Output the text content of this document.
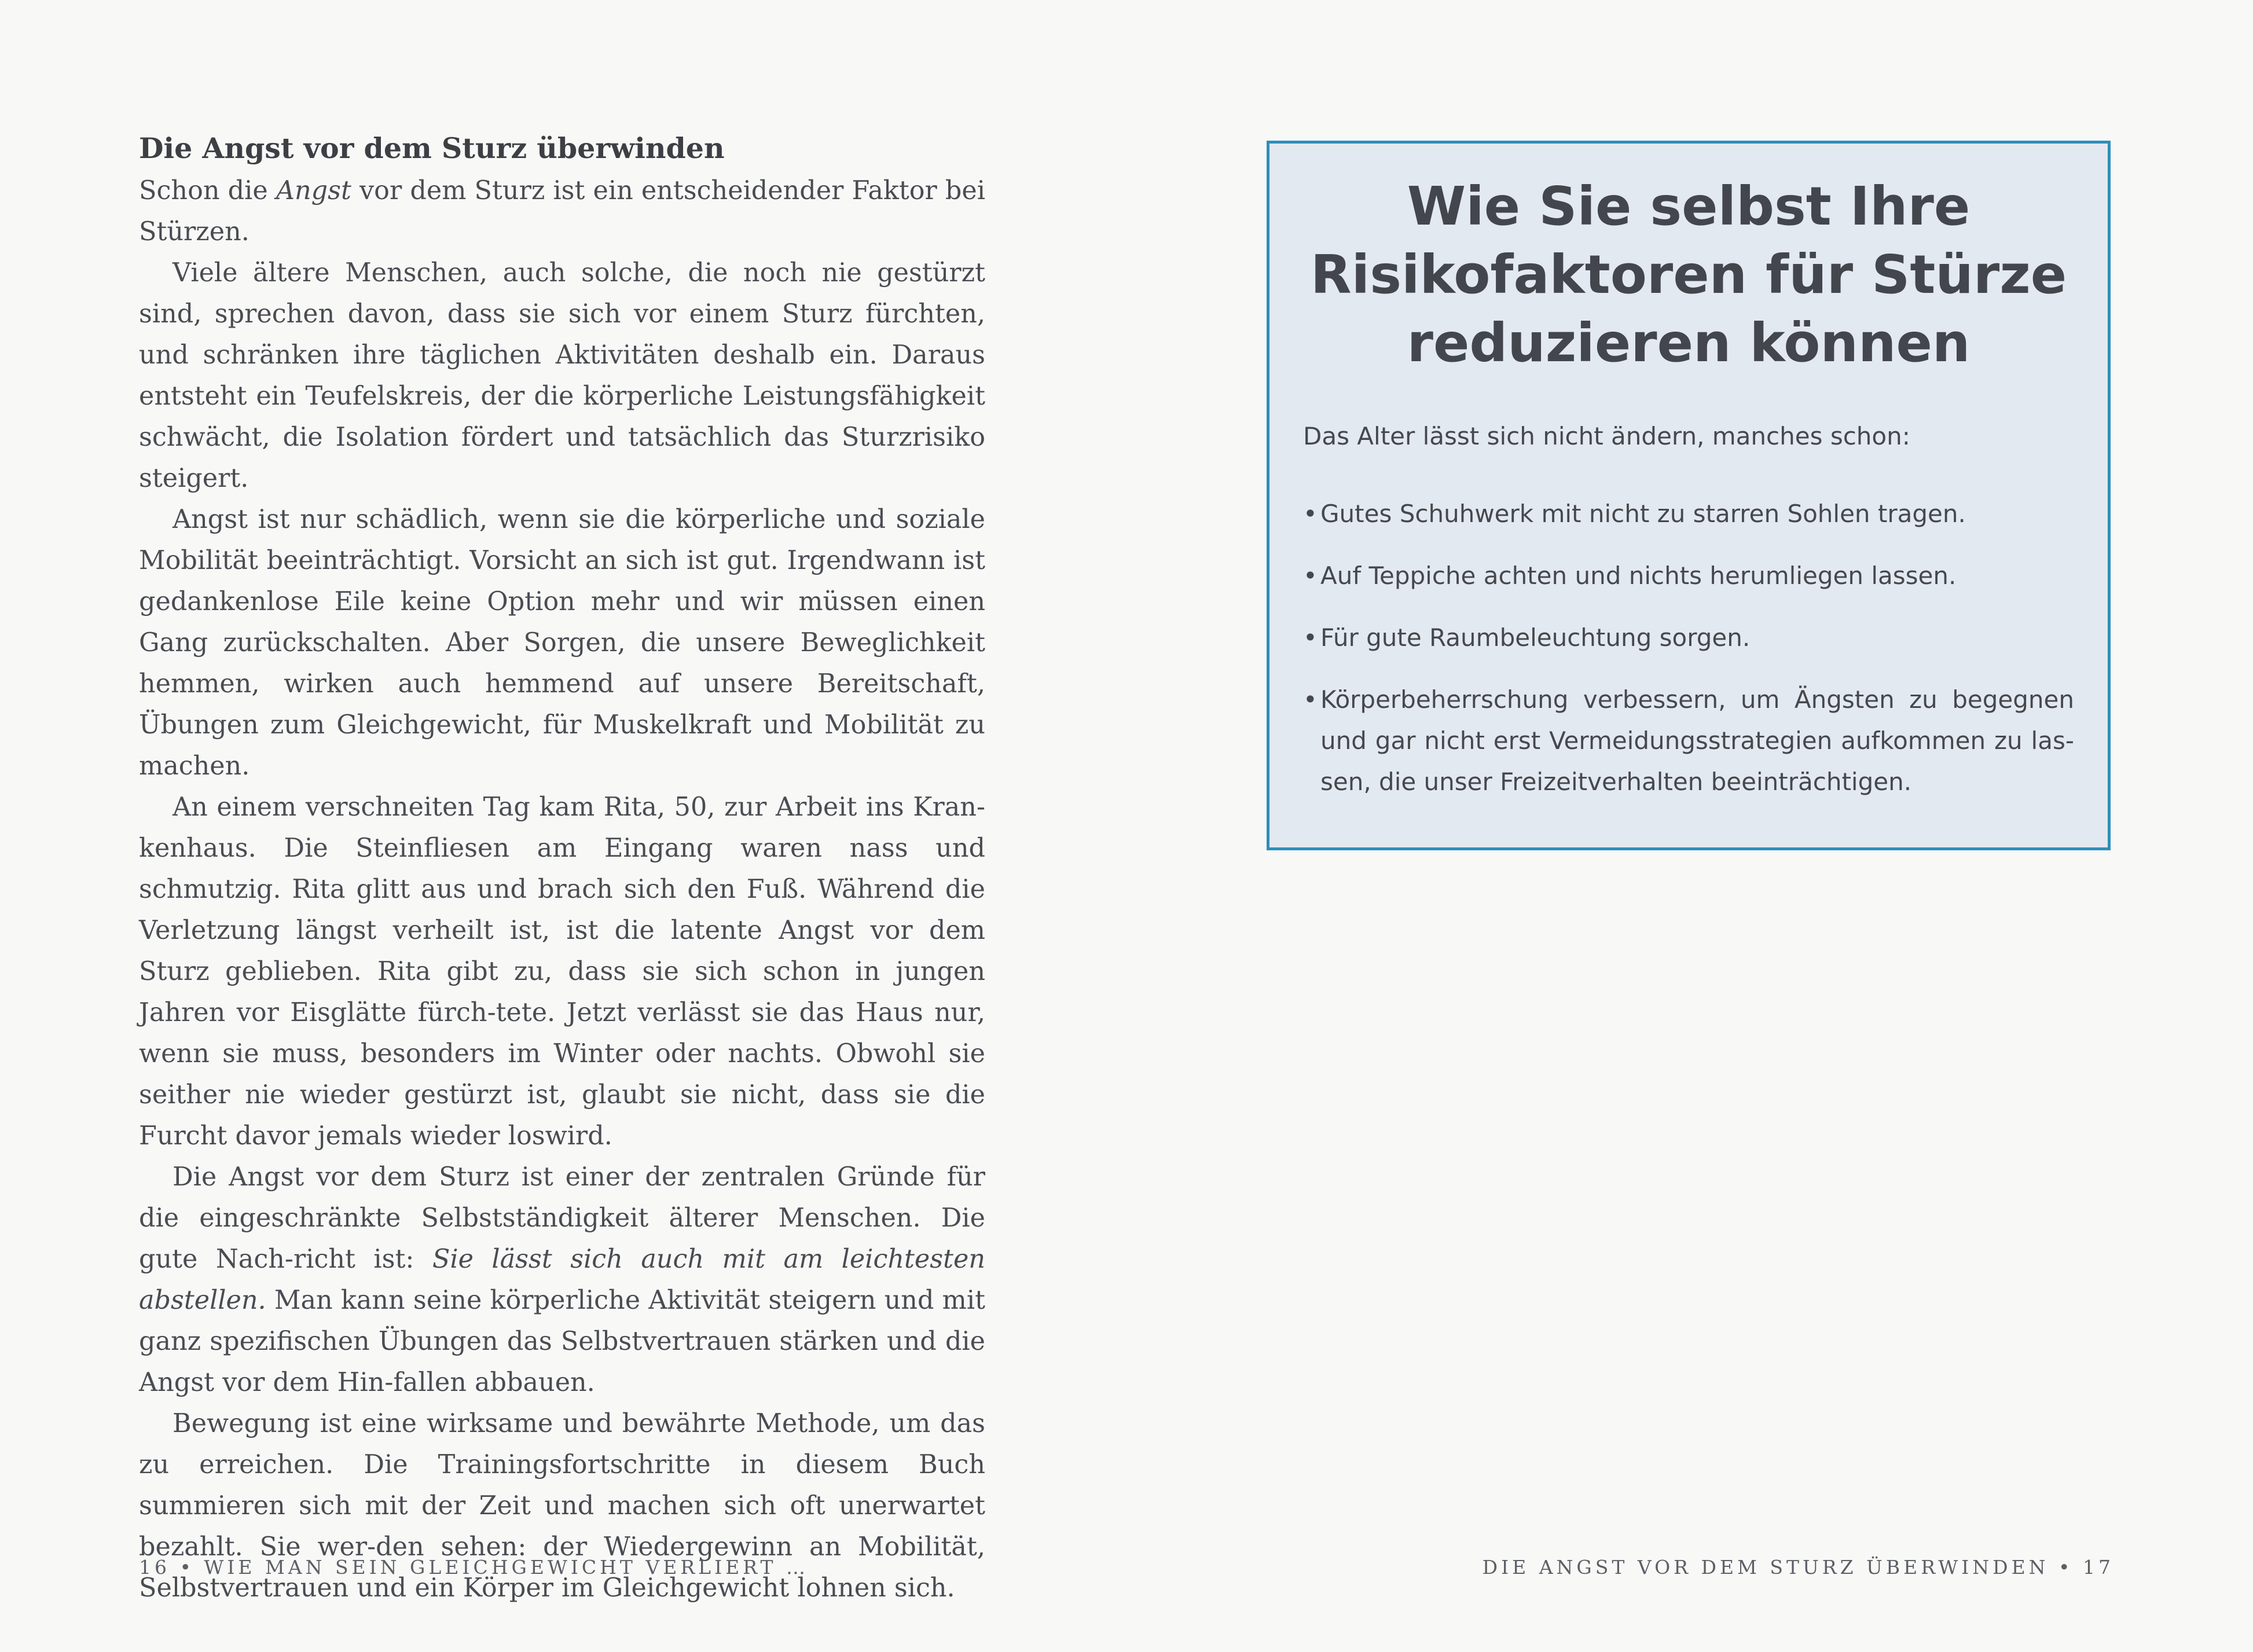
Die Angst vor dem Sturz überwinden

Schon die Angst vor dem Sturz ist ein entscheidender Faktor bei Stürzen.

Viele ältere Menschen, auch solche, die noch nie gestürzt sind, sprechen davon, dass sie sich vor einem Sturz fürchten, und schränken ihre täglichen Aktivitäten deshalb ein. Daraus entsteht ein Teufelskreis, der die körperliche Leistungsfähigkeit schwächt, die Isolation fördert und tatsächlich das Sturzrisiko steigert.

Angst ist nur schädlich, wenn sie die körperliche und soziale Mobilität beeinträchtigt. Vorsicht an sich ist gut. Irgendwann ist gedankenlose Eile keine Option mehr und wir müssen einen Gang zurückschalten. Aber Sorgen, die unsere Beweglichkeit hemmen, wirken auch hemmend auf unsere Bereitschaft, Übungen zum Gleichgewicht, für Muskelkraft und Mobilität zu machen.

An einem verschneiten Tag kam Rita, 50, zur Arbeit ins Kran-kenhaus. Die Steinfliesen am Eingang waren nass und schmutzig. Rita glitt aus und brach sich den Fuß. Während die Verletzung längst verheilt ist, ist die latente Angst vor dem Sturz geblieben. Rita gibt zu, dass sie sich schon in jungen Jahren vor Eisglätte fürch-tete. Jetzt verlässt sie das Haus nur, wenn sie muss, besonders im Winter oder nachts. Obwohl sie seither nie wieder gestürzt ist, glaubt sie nicht, dass sie die Furcht davor jemals wieder loswird.

Die Angst vor dem Sturz ist einer der zentralen Gründe für die eingeschränkte Selbstständigkeit älterer Menschen. Die gute Nach-richt ist: Sie lässt sich auch mit am leichtesten abstellen. Man kann seine körperliche Aktivität steigern und mit ganz spezifischen Übungen das Selbstvertrauen stärken und die Angst vor dem Hin-fallen abbauen.

Bewegung ist eine wirksame und bewährte Methode, um das zu erreichen. Die Trainingsfortschritte in diesem Buch summieren sich mit der Zeit und machen sich oft unerwartet bezahlt. Sie wer-den sehen: der Wiedergewinn an Mobilität, Selbstvertrauen und ein Körper im Gleichgewicht lohnen sich.

16 • WIE MAN SEIN GLEICHGEWICHT VERLIERT …
Wie Sie selbst Ihre Risikofaktoren für Stürze reduzieren können

Das Alter lässt sich nicht ändern, manches schon:

• Gutes Schuhwerk mit nicht zu starren Sohlen tragen.
• Auf Teppiche achten und nichts herumliegen lassen.
• Für gute Raumbeleuchtung sorgen.
• Körperbeherrschung verbessern, um Ängsten zu begegnen und gar nicht erst Vermeidungsstrategien aufkommen zu las-sen, die unser Freizeitverhalten beeinträchtigen.
DIE ANGST VOR DEM STURZ ÜBERWINDEN • 17
